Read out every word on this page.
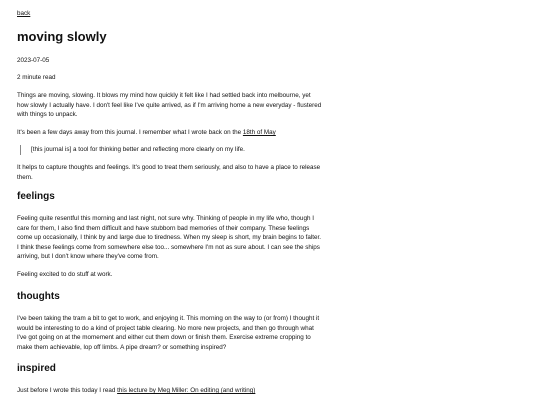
back
moving slowly

2023-07-05

2 minute read

Things are moving, slowing. It blows my mind how quickly it felt like I had settled back into melbourne, yet how slowly I actually have. I don't feel like I've quite arrived, as if I'm arriving home a new everyday - flustered with things to unpack.

It's been a few days away from this journal. I remember what I wrote back on the 18th of May

[this journal is] a tool for thinking better and reflecting more clearly on my life.

It helps to capture thoughts and feelings. It's good to treat them seriously, and also to have a place to release them.

feelings

Feeling quite resentful this morning and last night, not sure why. Thinking of people in my life who, though I care for them, I also find them difficult and have stubborn bad memories of their company. These feelings come up occasionally, I think by and large due to tiredness. When my sleep is short, my brain begins to falter. I think these feelings come from somewhere else too... somewhere I'm not as sure about. I can see the ships arriving, but I don't know where they've come from.

Feeling excited to do stuff at work.

thoughts

I've been taking the tram a bit to get to work, and enjoying it. This morning on the way to (or from) I thought it would be interesting to do a kind of project table clearing. No more new projects, and then go through what I've got going on at the momement and either cut them down or finish them. Exercise extreme cropping to make them achievable, lop off limbs. A pipe dream? or something inspired?

inspired

Just before I wrote this today I read this lecture by Meg Miller: On editing (and writing)
